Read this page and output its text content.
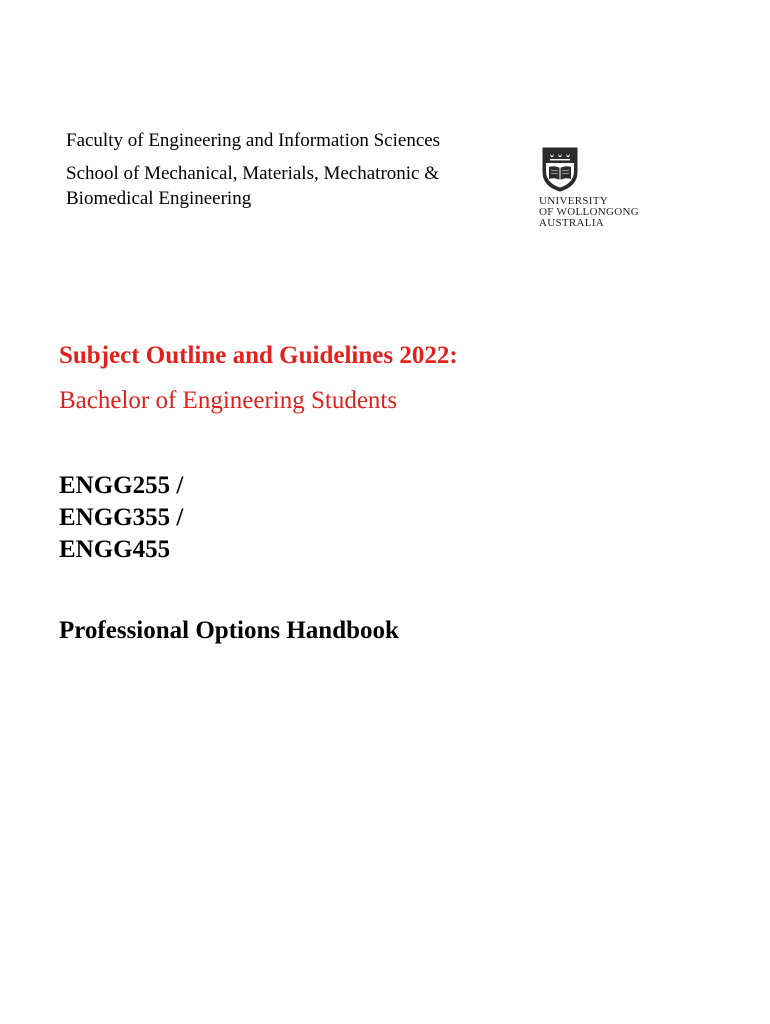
Faculty of Engineering and Information Sciences

School of Mechanical, Materials, Mechatronic & Biomedical Engineering	UNIVERSITY
OF WOLLONGONG
AUSTRALIA
Subject Outline and Guidelines 2022:
Bachelor of Engineering Students
ENGG255 /
ENGG355 /
ENGG455
Professional Options Handbook
